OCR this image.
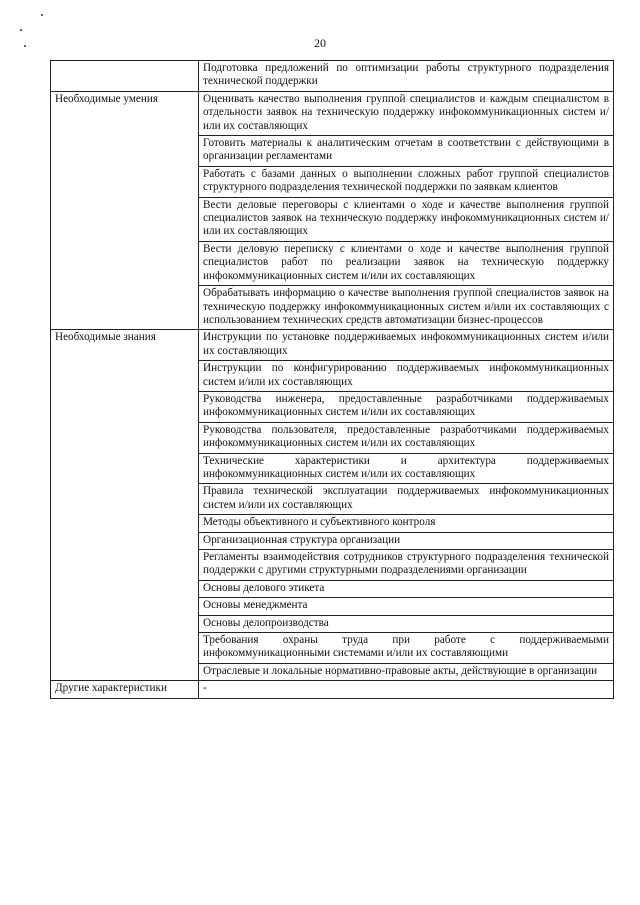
20
	Подготовка предложений по оптимизации работы структурного подразделения технической поддержки
Необходимые умения	Оценивать качество выполнения группой специалистов и каждым специалистом в отдельности заявок на техническую поддержку инфокоммуникационных систем и/или их составляющих
	Готовить материалы к аналитическим отчетам в соответствии с действующими в организации регламентами
	Работать с базами данных о выполнении сложных работ группой специалистов структурного подразделения технической поддержки по заявкам клиентов
	Вести деловые переговоры с клиентами о ходе и качестве выполнения группой специалистов заявок на техническую поддержку инфокоммуникационных систем и/или их составляющих
	Вести деловую переписку с клиентами о ходе и качестве выполнения группой специалистов работ по реализации заявок на техническую поддержку инфокоммуникационных систем и/или их составляющих
	Обрабатывать информацию о качестве выполнения группой специалистов заявок на техническую поддержку инфокоммуникационных систем и/или их составляющих с использованием технических средств автоматизации бизнес-процессов
Необходимые знания	Инструкции по установке поддерживаемых инфокоммуникационных систем и/или их составляющих
	Инструкции по конфигурированию поддерживаемых инфокоммуникационных систем и/или их составляющих
	Руководства инженера, предоставленные разработчиками поддерживаемых инфокоммуникационных систем и/или их составляющих
	Руководства пользователя, предоставленные разработчиками поддерживаемых инфокоммуникационных систем и/или их составляющих
	Технические характеристики и архитектура поддерживаемых инфокоммуникационных систем и/или их составляющих
	Правила технической эксплуатации поддерживаемых инфокоммуникационных систем и/или их составляющих
	Методы объективного и субъективного контроля
	Организационная структура организации
	Регламенты взаимодействия сотрудников структурного подразделения технической поддержки с другими структурными подразделениями организации
	Основы делового этикета
	Основы менеджмента
	Основы делопроизводства
	Требования охраны труда при работе с поддерживаемыми инфокоммуникационными системами и/или их составляющими
	Отраслевые и локальные нормативно-правовые акты, действующие в организации
Другие характеристики	-
